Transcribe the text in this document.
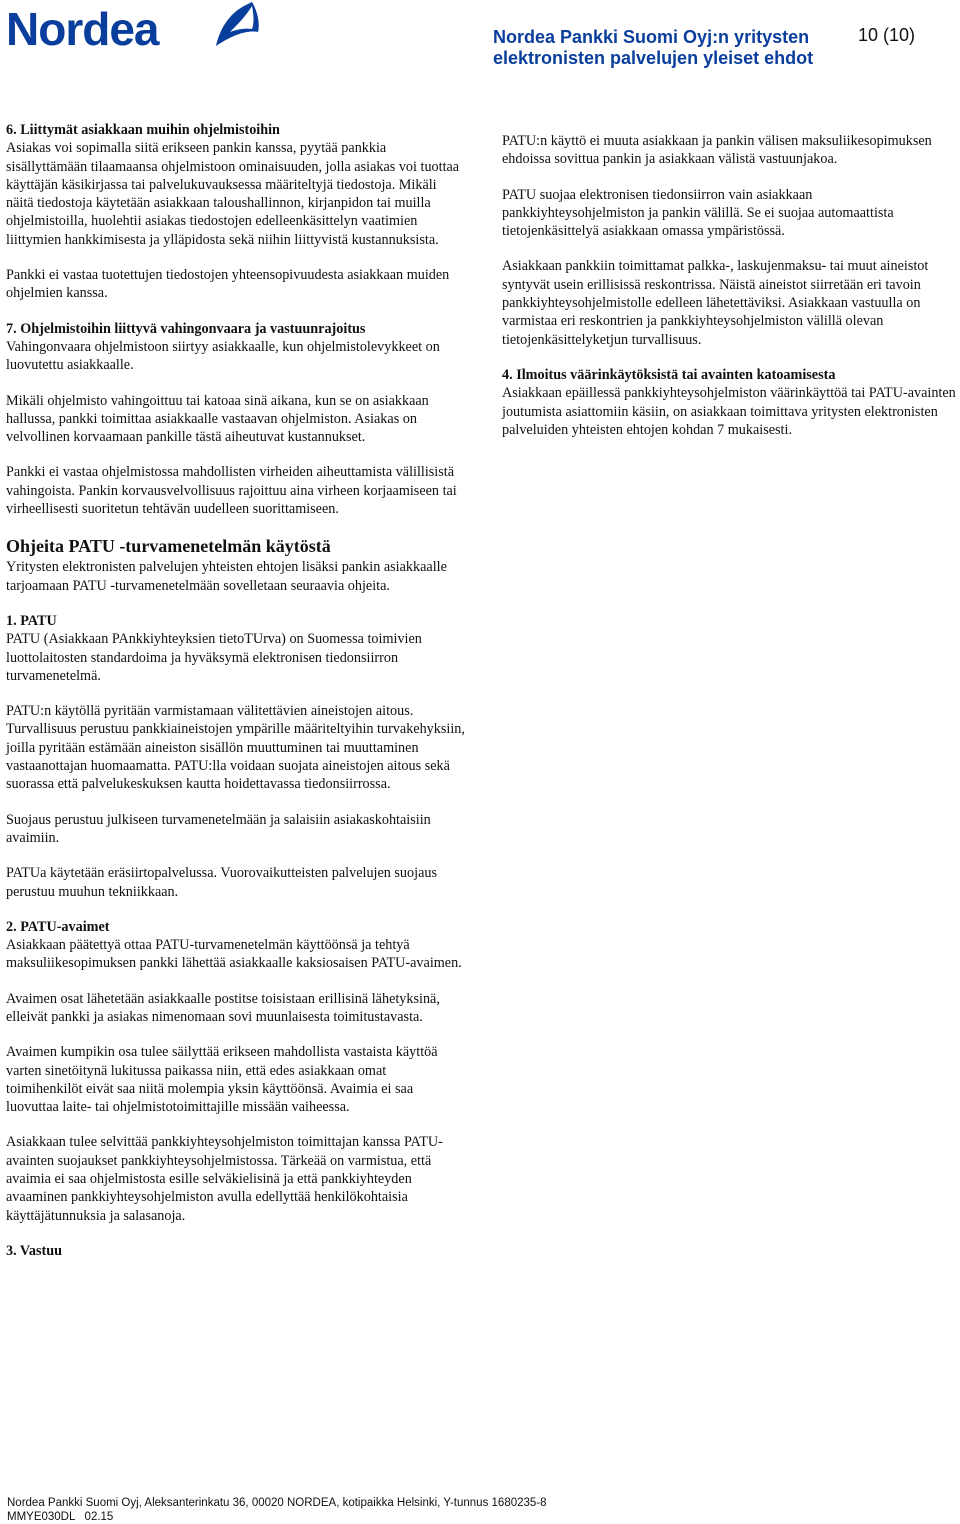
Nordea	Nordea Pankki Suomi Oyj:n yritysten elektronisten palvelujen yleiset ehdot
10 (10)
6. Liittymät asiakkaan muihin ohjelmistoihin

Asiakas voi sopimalla siitä erikseen pankin kanssa, pyytää pankkia sisällyttämään tilaamaansa ohjelmistoon ominaisuuden, jolla asiakas voi tuottaa käyttäjän käsikirjassa tai palvelukuvauksessa määriteltyjä tiedostoja. Mikäli näitä tiedostoja käytetään asiakkaan taloushallinnon, kirjanpidon tai muilla ohjelmistoilla, huolehtii asiakas tiedostojen edelleenkäsittelyn vaatimien liittymien hankkimisesta ja ylläpidosta sekä niihin liittyvistä kustannuksista.

Pankki ei vastaa tuotettujen tiedostojen yhteensopivuudesta asiakkaan muiden ohjelmien kanssa.

7. Ohjelmistoihin liittyvä vahingonvaara ja vastuunrajoitus

Vahingonvaara ohjelmistoon siirtyy asiakkaalle, kun ohjelmistolevykkeet on luovutettu asiakkaalle.

Mikäli ohjelmisto vahingoittuu tai katoaa sinä aikana, kun se on asiakkaan hallussa, pankki toimittaa asiakkaalle vastaavan ohjelmiston. Asiakas on velvollinen korvaamaan pankille tästä aiheutuvat kustannukset.

Pankki ei vastaa ohjelmistossa mahdollisten virheiden aiheuttamista välillisistä vahingoista. Pankin korvausvelvollisuus rajoittuu aina virheen korjaamiseen tai virheellisesti suoritetun tehtävän uudelleen suorittamiseen.

Ohjeita PATU -turvamenetelmän käytöstä

Yritysten elektronisten palvelujen yhteisten ehtojen lisäksi pankin asiakkaalle tarjoamaan PATU -turvamenetelmään sovelletaan seuraavia ohjeita.

1. PATU

PATU (Asiakkaan PAnkkiyhteyksien tietoTUrva) on Suomessa toimivien luottolaitosten standardoima ja hyväksymä elektronisen tiedonsiirron turvamenetelmä.

PATU:n käytöllä pyritään varmistamaan välitettävien aineistojen aitous. Turvallisuus perustuu pankkiaineistojen ympärille määriteltyihin turvakehyksiin, joilla pyritään estämään aineiston sisällön muuttuminen tai muuttaminen vastaanottajan huomaamatta. PATU:lla voidaan suojata aineistojen aitous sekä suorassa että palvelukeskuksen kautta hoidettavassa tiedonsiirrossa.

Suojaus perustuu julkiseen turvamenetelmään ja salaisiin asiakaskohtaisiin avaimiin.

PATUa käytetään eräsiirtopalvelussa. Vuorovaikutteisten palvelujen suojaus perustuu muuhun tekniikkaan.

2. PATU-avaimet

Asiakkaan päätettyä ottaa PATU-turvamenetelmän käyttöönsä ja tehtyä maksuliikesopimuksen pankki lähettää asiakkaalle kaksiosaisen PATU-avaimen.

Avaimen osat lähetetään asiakkaalle postitse toisistaan erillisinä lähetyksinä, elleivät pankki ja asiakas nimenomaan sovi muunlaisesta toimitustavasta.

Avaimen kumpikin osa tulee säilyttää erikseen mahdollista vastaista käyttöä varten sinetöitynä lukitussa paikassa niin, että edes asiakkaan omat toimihenkilöt eivät saa niitä molempia yksin käyttöönsä. Avaimia ei saa luovuttaa laite- tai ohjelmistotoimittajille missään vaiheessa.

Asiakkaan tulee selvittää pankkiyhteysohjelmiston toimittajan kanssa PATU-avainten suojaukset pankkiyhteysohjelmistossa. Tärkeää on varmistua, että avaimia ei saa ohjelmistosta esille selväkielisinä ja että pankkiyhteyden avaaminen pankkiyhteysohjelmiston avulla edellyttää henkilökohtaisia käyttäjätunnuksia ja salasanoja.

3. Vastuu

PATU:n käyttö ei muuta asiakkaan ja pankin välisen maksuliikesopimuksen ehdoissa sovittua pankin ja asiakkaan välistä vastuunjakoa.

PATU suojaa elektronisen tiedonsiirron vain asiakkaan pankkiyhteysohjelmiston ja pankin välillä. Se ei suojaa automaattista tietojenkäsittelyä asiakkaan omassa ympäristössä.

Asiakkaan pankkiin toimittamat palkka-, laskujenmaksu- tai muut aineistot syntyvät usein erillisissä reskontrissa. Näistä aineistot siirretään eri tavoin pankkiyhteysohjelmistolle edelleen lähetettäviksi. Asiakkaan vastuulla on varmistaa eri reskontrien ja pankkiyhteysohjelmiston välillä olevan tietojenkäsittelyketjun turvallisuus.

4. Ilmoitus väärinkäytöksistä tai avainten katoamisesta

Asiakkaan epäillessä pankkiyhteysohjelmiston väärinkäyttöä tai PATU-avainten joutumista asiattomiin käsiin, on asiakkaan toimittava yritysten elektronisten palveluiden yhteisten ehtojen kohdan 7 mukaisesti.

Nordea Pankki Suomi Oyj, Aleksanterinkatu 36, 00020 NORDEA, kotipaikka Helsinki, Y-tunnus 1680235-8
MMYE030DL   02.15
